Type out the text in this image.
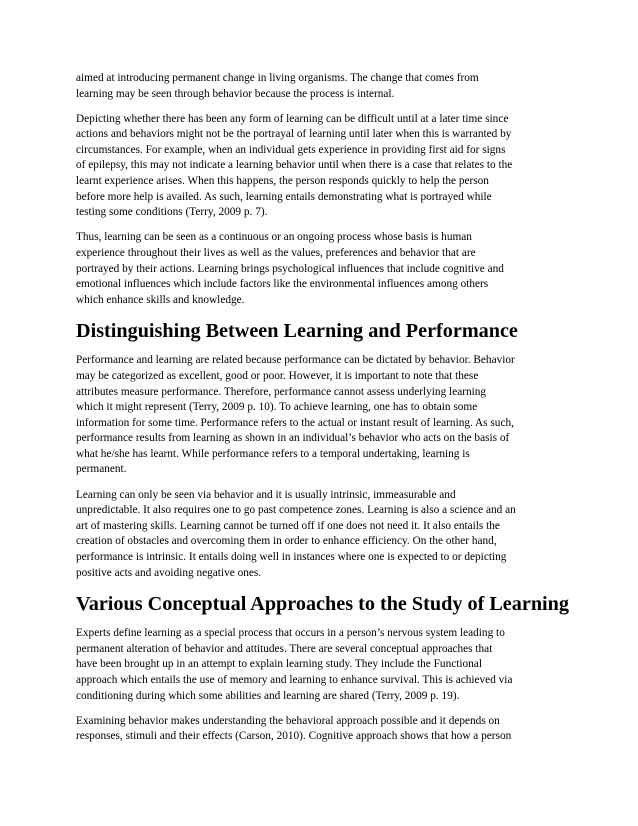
aimed at introducing permanent change in living organisms. The change that comes from
learning may be seen through behavior because the process is internal.

Depicting whether there has been any form of learning can be difficult until at a later time since
actions and behaviors might not be the portrayal of learning until later when this is warranted by
circumstances. For example, when an individual gets experience in providing first aid for signs
of epilepsy, this may not indicate a learning behavior until when there is a case that relates to the
learnt experience arises. When this happens, the person responds quickly to help the person
before more help is availed. As such, learning entails demonstrating what is portrayed while
testing some conditions (Terry, 2009 p. 7).

Thus, learning can be seen as a continuous or an ongoing process whose basis is human
experience throughout their lives as well as the values, preferences and behavior that are
portrayed by their actions. Learning brings psychological influences that include cognitive and
emotional influences which include factors like the environmental influences among others
which enhance skills and knowledge.

Distinguishing Between Learning and Performance

Performance and learning are related because performance can be dictated by behavior. Behavior
may be categorized as excellent, good or poor. However, it is important to note that these
attributes measure performance. Therefore, performance cannot assess underlying learning
which it might represent (Terry, 2009 p. 10). To achieve learning, one has to obtain some
information for some time. Performance refers to the actual or instant result of learning. As such,
performance results from learning as shown in an individual’s behavior who acts on the basis of
what he/she has learnt. While performance refers to a temporal undertaking, learning is
permanent.

Learning can only be seen via behavior and it is usually intrinsic, immeasurable and
unpredictable. It also requires one to go past competence zones. Learning is also a science and an
art of mastering skills. Learning cannot be turned off if one does not need it. It also entails the
creation of obstacles and overcoming them in order to enhance efficiency. On the other hand,
performance is intrinsic. It entails doing well in instances where one is expected to or depicting
positive acts and avoiding negative ones.

Various Conceptual Approaches to the Study of Learning

Experts define learning as a special process that occurs in a person’s nervous system leading to
permanent alteration of behavior and attitudes. There are several conceptual approaches that
have been brought up in an attempt to explain learning study. They include the Functional
approach which entails the use of memory and learning to enhance survival. This is achieved via
conditioning during which some abilities and learning are shared (Terry, 2009 p. 19).

Examining behavior makes understanding the behavioral approach possible and it depends on
responses, stimuli and their effects (Carson, 2010). Cognitive approach shows that how a person
